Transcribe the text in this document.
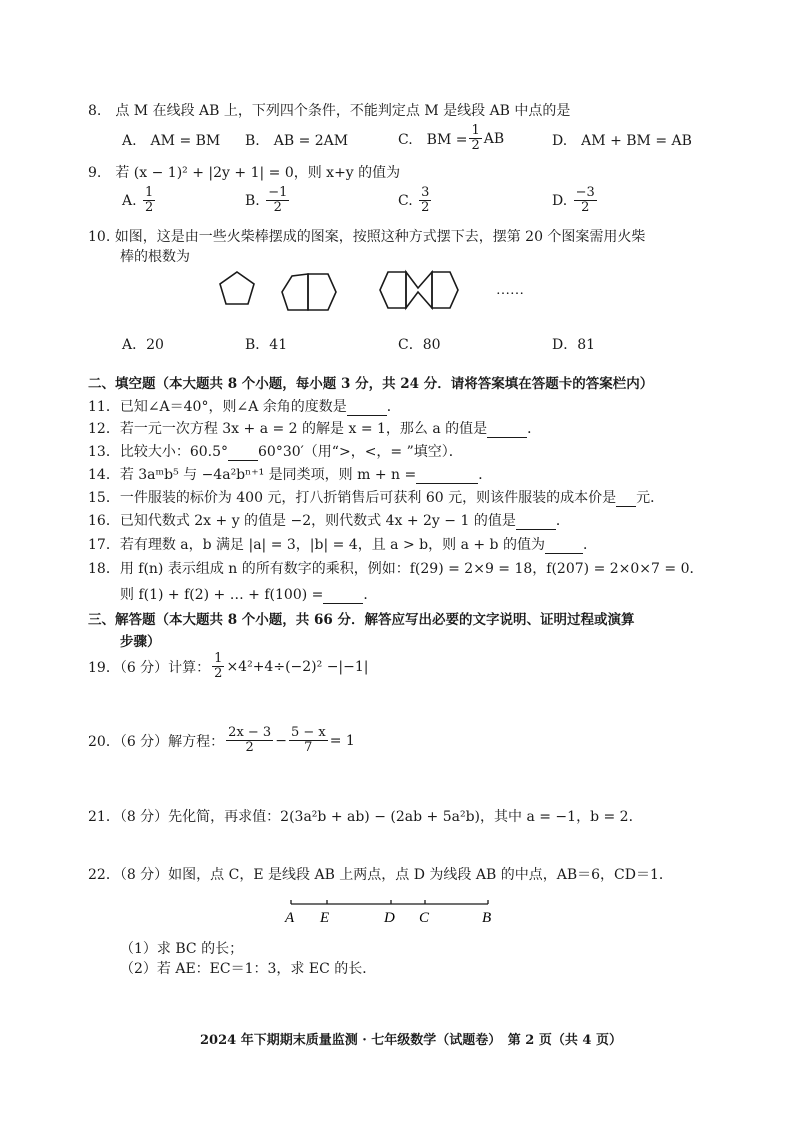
8.　点 M 在线段 AB 上，下列四个条件，不能判定点 M 是线段 AB 中点的是
A.　AM = BM B.　AB = 2AM	C.　BM = $\frac{1}{2}$ AB	D.　AM + BM = AB
9.　若 (x − 1)² + |2y + 1| = 0，则 x+y 的值为
A.
$\frac{1}{2}$	B.
$\frac{-1}{2}$	C.
$\frac{3}{2}$	D.
$\frac{-3}{2}$
10. 如图，这是由一些火柴棒摆成的图案，按照这种方式摆下去，摆第 20 个图案需用火柴
棒的根数为
……
A．20	B．41	C．80	D．81
二、填空题（本大题共 8 个小题，每小题 3 分，共 24 分．请将答案填在答题卡的答案栏内）
11．已知∠A＝40°，则∠A 余角的度数是	．
12．若一元一次方程 3x + a = 2 的解是 x = 1，那么 a 的值是	．
13．比较大小：60.5° 60°30′（用“>，<，= ”填空）．
14．若 3aᵐb⁵ 与 −4a²bⁿ⁺¹ 是同类项，则 m + n =	．
15．一件服装的标价为 400 元，打八折销售后可获利 60 元，则该件服装的成本价是 元．
16．已知代数式 2x + y 的值是 −2，则代数式 4x + 2y − 1 的值是	．
17．若有理数 a，b 满足 |a| = 3，|b| = 4，且 a > b，则 a + b 的值为	．
18．用 f(n) 表示组成 n 的所有数字的乘积，例如：f(29) = 2×9 = 18，f(207) = 2×0×7 = 0．
则 f(1) + f(2) + … + f(100) =	．
三、解答题（本大题共 8 个小题，共 66 分．解答应写出必要的文字说明、证明过程或演算
步骤）
19．（6 分）计算： $\frac{1}{2} \times 4^2+4\div(-2)^2 -|-1|$
20．（6 分）解方程： $\frac{2x - 3}{2} - \frac{5 - x}{7} = 1$
21．（8 分）先化简，再求值：2(3a²b + ab) − (2ab + 5a²b)，其中 a = −1，b = 2．
22．（8 分）如图，点 C，E 是线段 AB 上两点，点 D 为线段 AB 的中点，AB＝6，CD＝1．
A E	D C	B
（1）求 BC 的长；
（2）若 AE：EC＝1：3，求 EC 的长．
2024 年下期期末质量监测 · 七年级数学（试题卷）　第 2 页（共 4 页）
